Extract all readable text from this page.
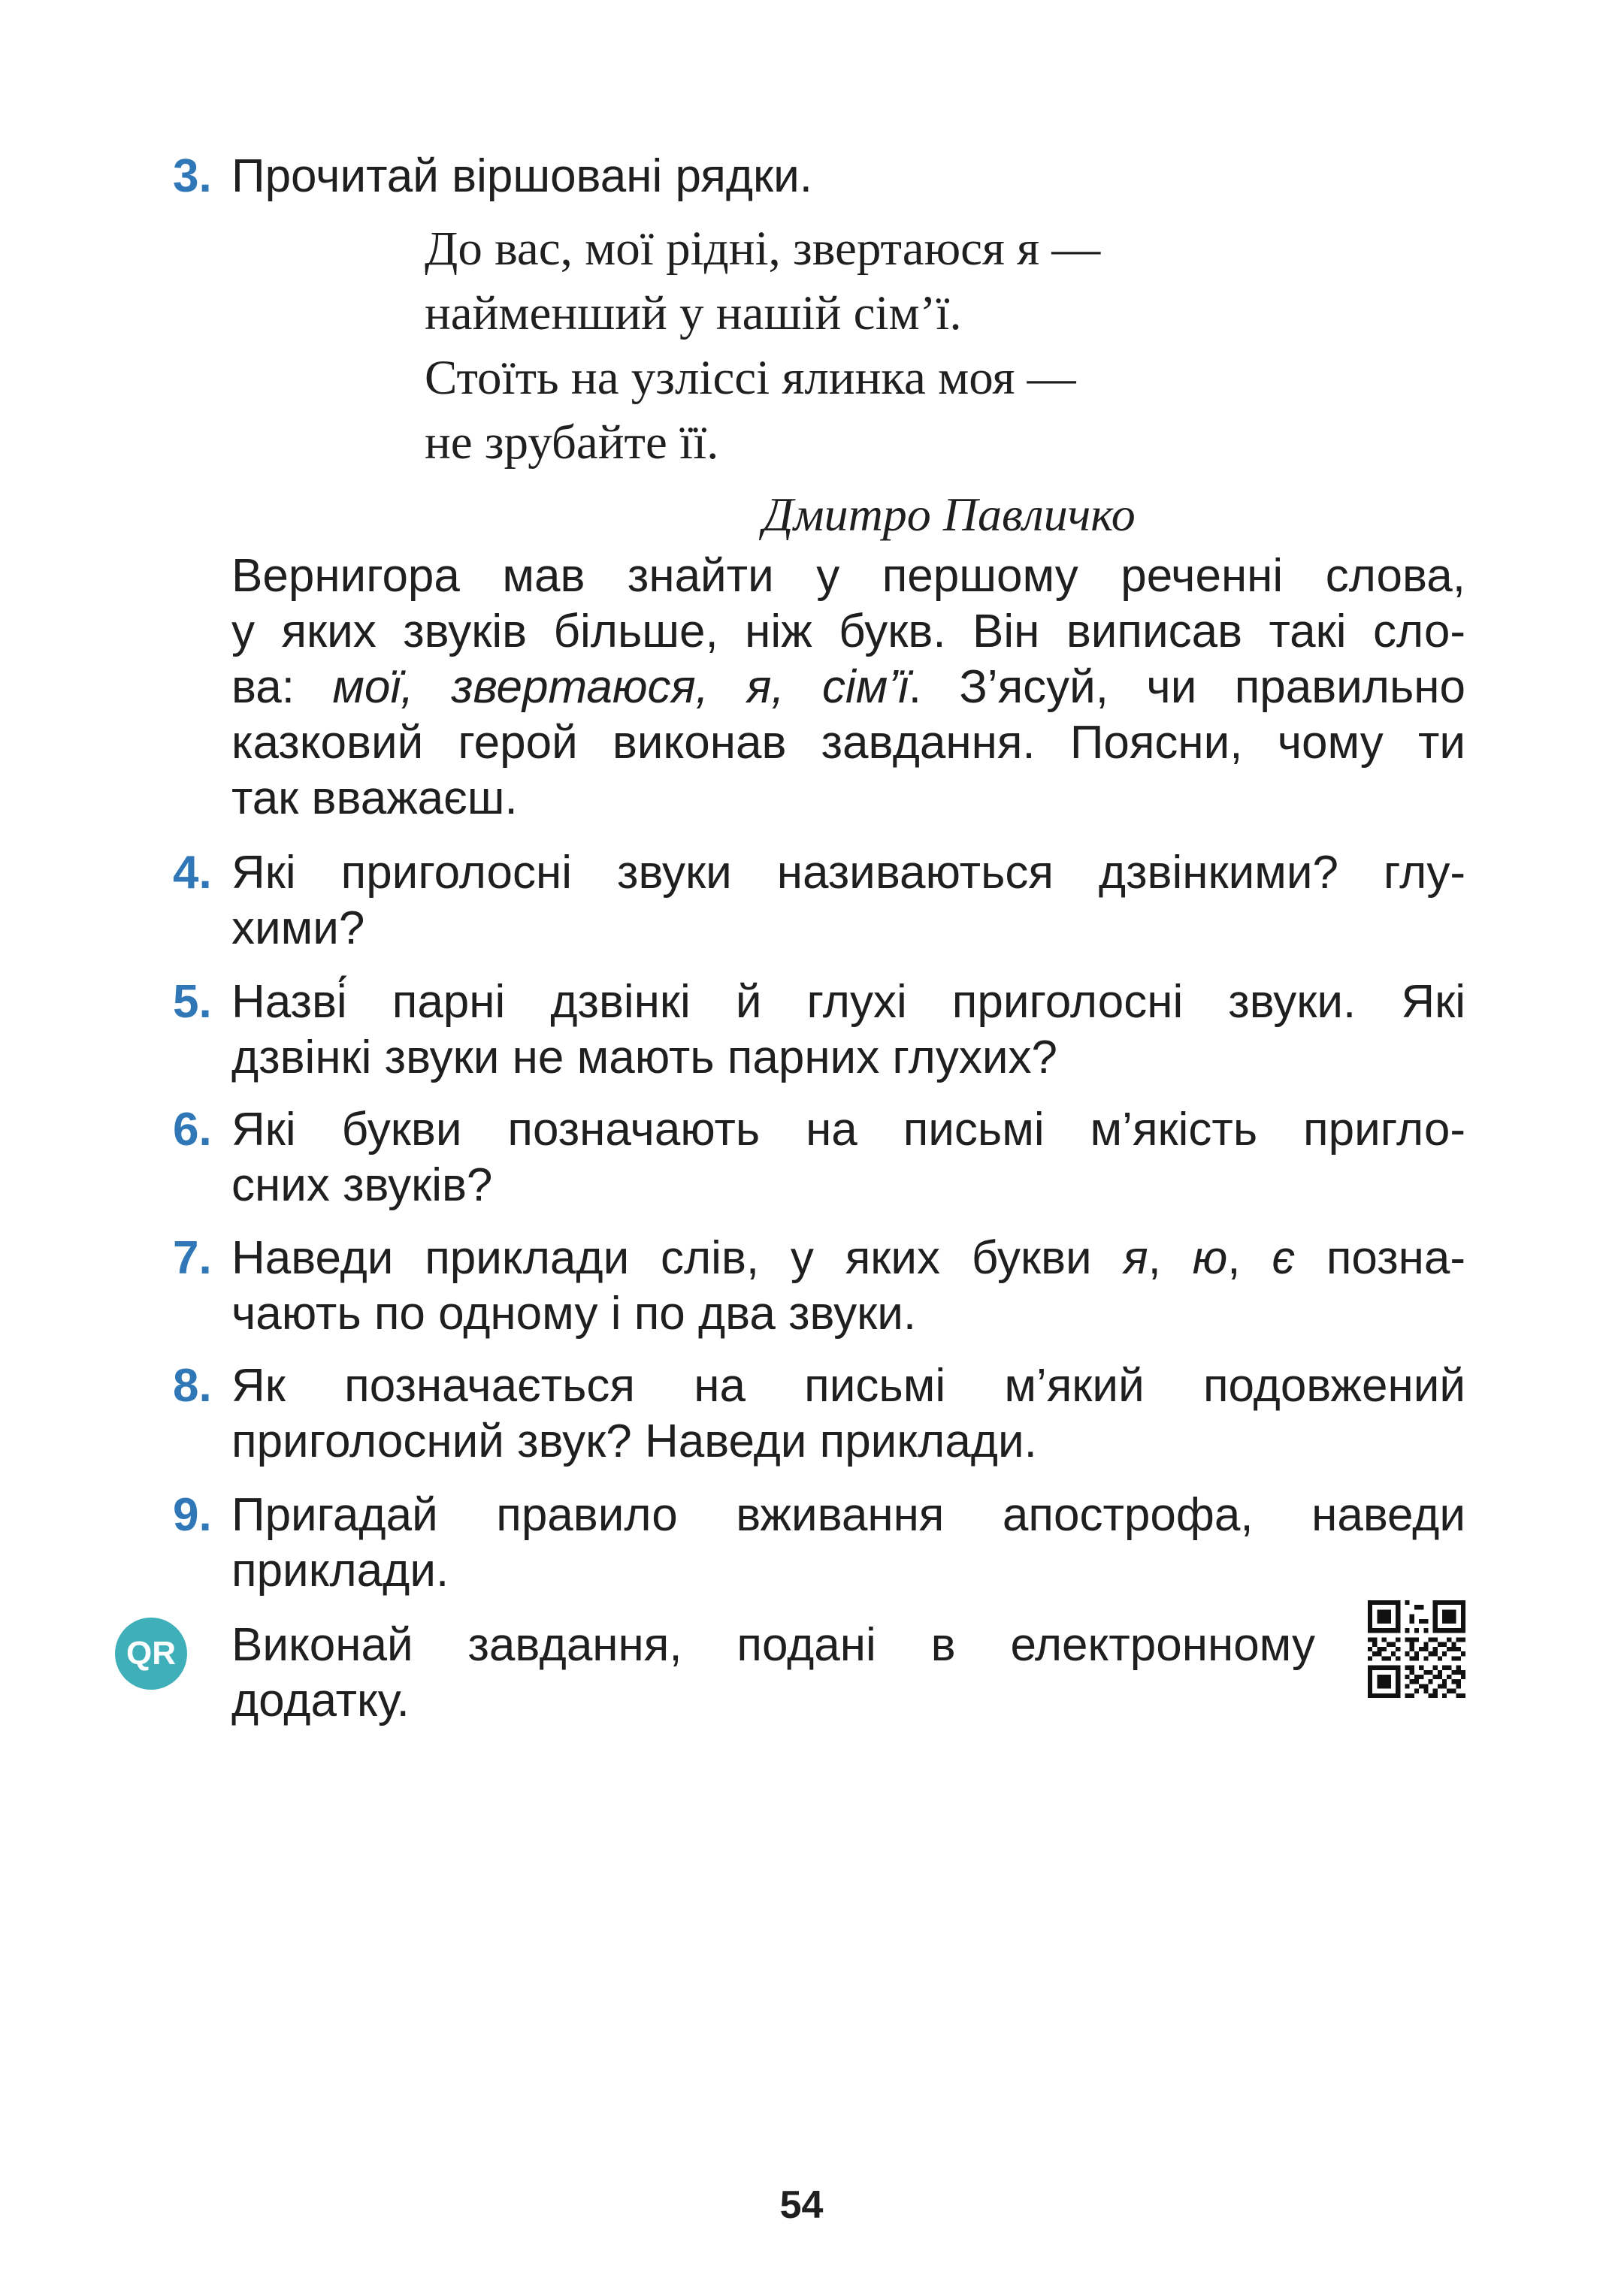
3. Прочитай віршовані рядки.
До вас, мої рідні, звертаюся я —
найменший у нашій сім’ї.
Стоїть на узліссі ялинка моя —
не зрубайте її.
Дмитро Павличко
Вернигора мав знайти у першому реченні слова,
у яких звуків більше, ніж букв. Він виписав такі сло-
ва: мої, звертаюся, я, сім’ї. З’ясуй, чи правильно
казковий герой виконав завдання. Поясни, чому ти
так вважаєш.
4. Які приголосні звуки називаються дзвінкими? глу-
хими?
5. Назві́ парні дзвінкі й глухі приголосні звуки. Які
дзвінкі звуки не мають парних глухих?
6. Які букви позначають на письмі м’якість пригло-
сних звуків?
7. Наведи приклади слів, у яких букви я, ю, є позна-
чають по одному і по два звуки.
8. Як позначається на письмі м’який подовжений
приголосний звук? Наведи приклади.
9. Пригадай правило вживання апострофа, наведи
приклади.
QR Виконай завдання, подані в електронному
додатку.
54
